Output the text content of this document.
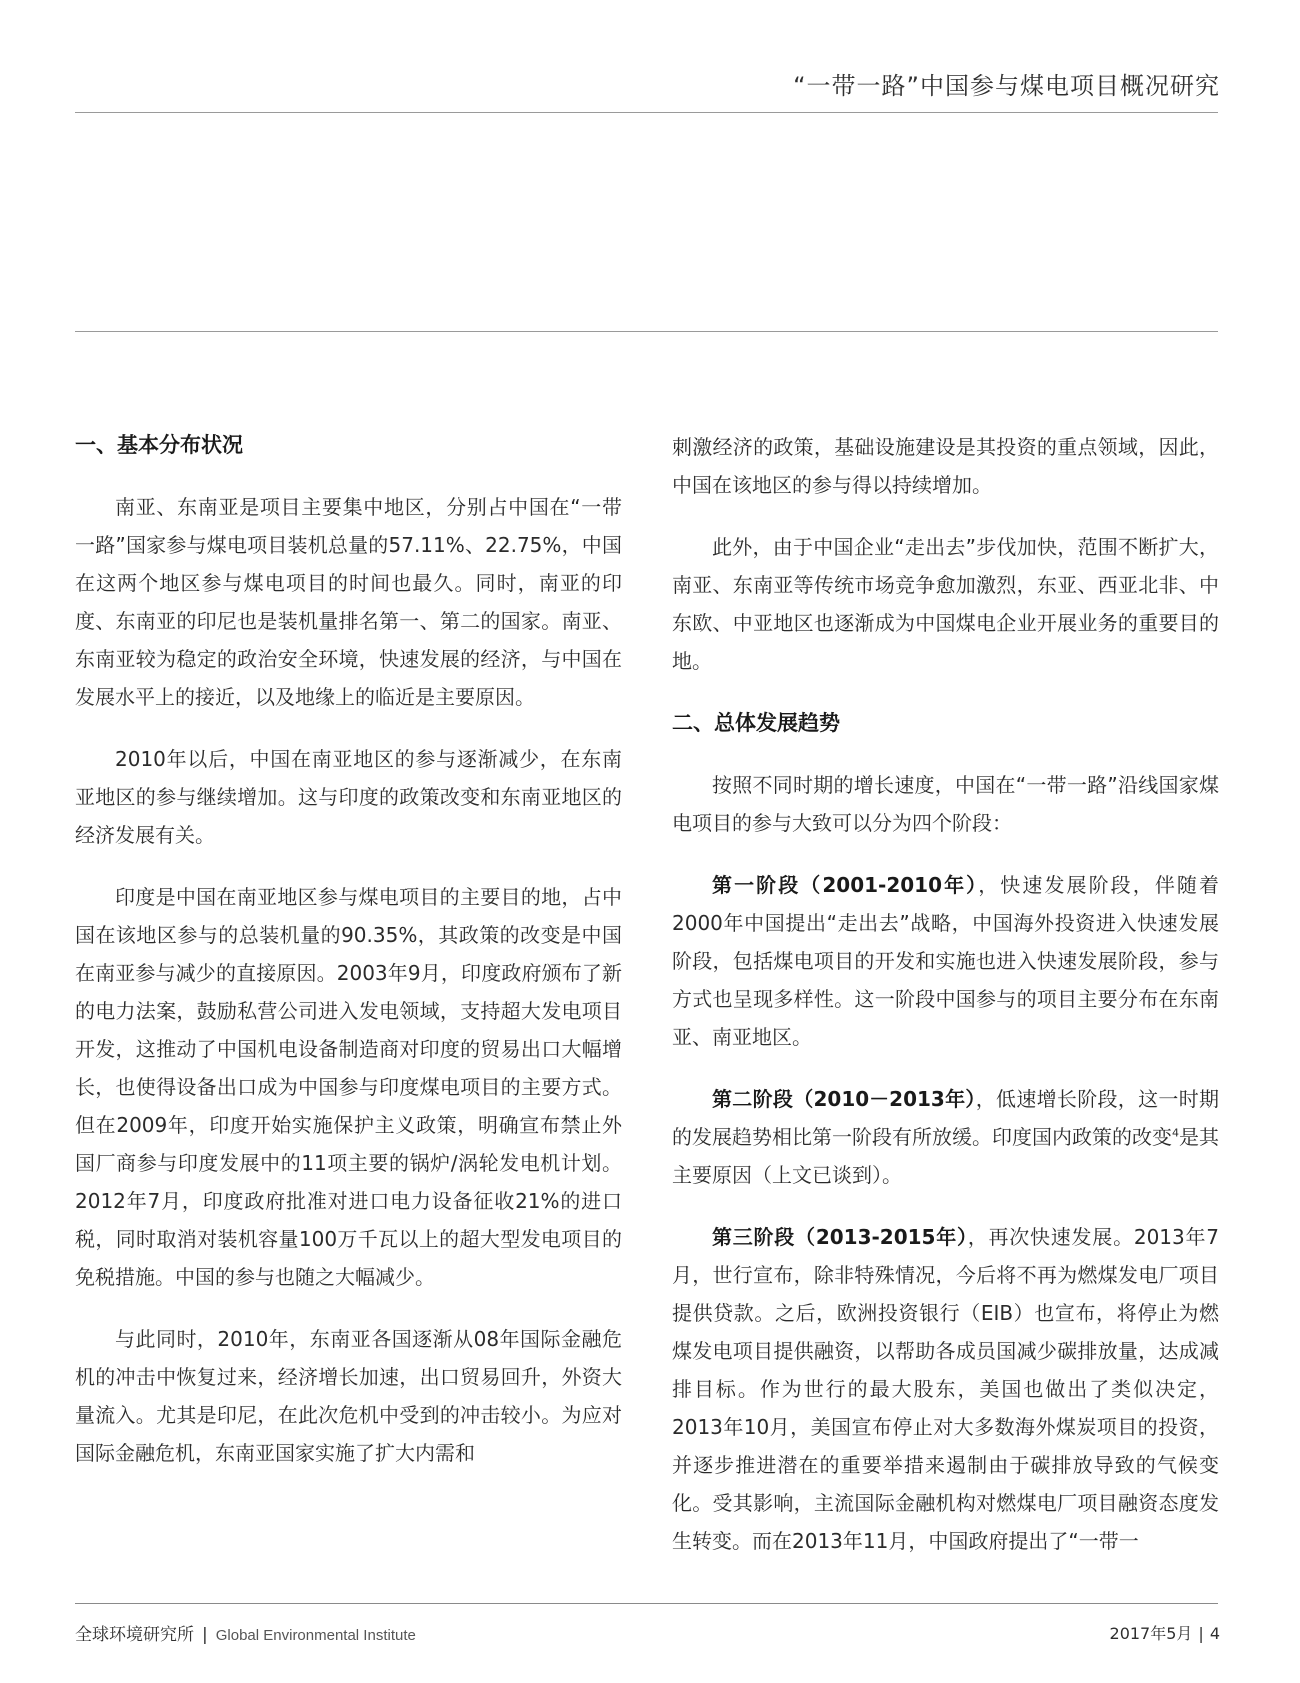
“一带一路”中国参与煤电项目概况研究
一、基本分布状况

南亚、东南亚是项目主要集中地区，分别占中国在“一带一路”国家参与煤电项目装机总量的57.11%、22.75%，中国在这两个地区参与煤电项目的时间也最久。同时，南亚的印度、东南亚的印尼也是装机量排名第一、第二的国家。南亚、东南亚较为稳定的政治安全环境，快速发展的经济，与中国在发展水平上的接近，以及地缘上的临近是主要原因。

2010年以后，中国在南亚地区的参与逐渐减少，在东南亚地区的参与继续增加。这与印度的政策改变和东南亚地区的经济发展有关。

印度是中国在南亚地区参与煤电项目的主要目的地，占中国在该地区参与的总装机量的90.35%，其政策的改变是中国在南亚参与减少的直接原因。2003年9月，印度政府颁布了新的电力法案，鼓励私营公司进入发电领域，支持超大发电项目开发，这推动了中国机电设备制造商对印度的贸易出口大幅增长，也使得设备出口成为中国参与印度煤电项目的主要方式。但在2009年，印度开始实施保护主义政策，明确宣布禁止外国厂商参与印度发展中的11项主要的锅炉/涡轮发电机计划。2012年7月，印度政府批准对进口电力设备征收21%的进口税，同时取消对装机容量100万千瓦以上的超大型发电项目的免税措施。中国的参与也随之大幅减少。

与此同时，2010年，东南亚各国逐渐从08年国际金融危机的冲击中恢复过来，经济增长加速，出口贸易回升，外资大量流入。尤其是印尼，在此次危机中受到的冲击较小。为应对国际金融危机，东南亚国家实施了扩大内需和

刺激经济的政策，基础设施建设是其投资的重点领域，因此，中国在该地区的参与得以持续增加。

此外，由于中国企业“走出去”步伐加快，范围不断扩大，南亚、东南亚等传统市场竞争愈加激烈，东亚、西亚北非、中东欧、中亚地区也逐渐成为中国煤电企业开展业务的重要目的地。

二、总体发展趋势

按照不同时期的增长速度，中国在“一带一路”沿线国家煤电项目的参与大致可以分为四个阶段：

第一阶段（2001-2010年），快速发展阶段，伴随着2000年中国提出“走出去”战略，中国海外投资进入快速发展阶段，包括煤电项目的开发和实施也进入快速发展阶段，参与方式也呈现多样性。这一阶段中国参与的项目主要分布在东南亚、南亚地区。

第二阶段（2010－2013年），低速增长阶段，这一时期的发展趋势相比第一阶段有所放缓。印度国内政策的改变$^4$是其主要原因（上文已谈到）。

第三阶段（2013-2015年），再次快速发展。2013年7月，世行宣布，除非特殊情况，今后将不再为燃煤发电厂项目提供贷款。之后，欧洲投资银行（EIB）也宣布，将停止为燃煤发电项目提供融资，以帮助各成员国减少碳排放量，达成减排目标。作为世行的最大股东，美国也做出了类似决定，2013年10月，美国宣布停止对大多数海外煤炭项目的投资，并逐步推进潜在的重要举措来遏制由于碳排放导致的气候变化。受其影响，主流国际金融机构对燃煤电厂项目融资态度发生转变。而在2013年11月，中国政府提出了“一带一

全球环境研究所 | Global Environmental Institute	2017年5月 | 4
